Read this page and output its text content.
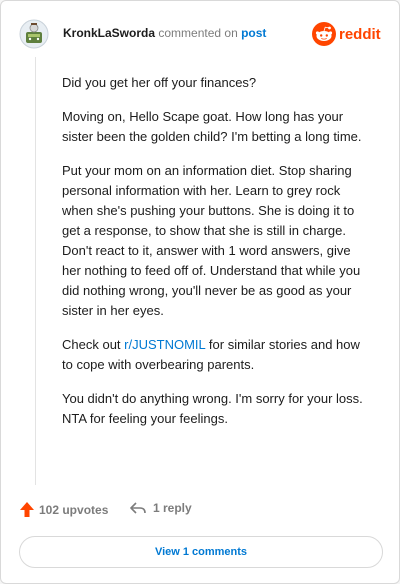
KronkLaSworda commented on post	reddit

Did you get her off your finances?

Moving on, Hello Scape goat. How long has your sister been the golden child? I'm betting a long time.

Put your mom on an information diet. Stop sharing personal information with her. Learn to grey rock when she's pushing your buttons. She is doing it to get a response, to show that she is still in charge. Don't react to it, answer with 1 word answers, give her nothing to feed off of. Understand that while you did nothing wrong, you'll never be as good as your sister in her eyes.

Check out r/JUSTNOMIL for similar stories and how to cope with overbearing parents.

You didn't do anything wrong. I'm sorry for your loss. NTA for feeling your feelings.

102 upvotes	1 reply
View 1 comments
